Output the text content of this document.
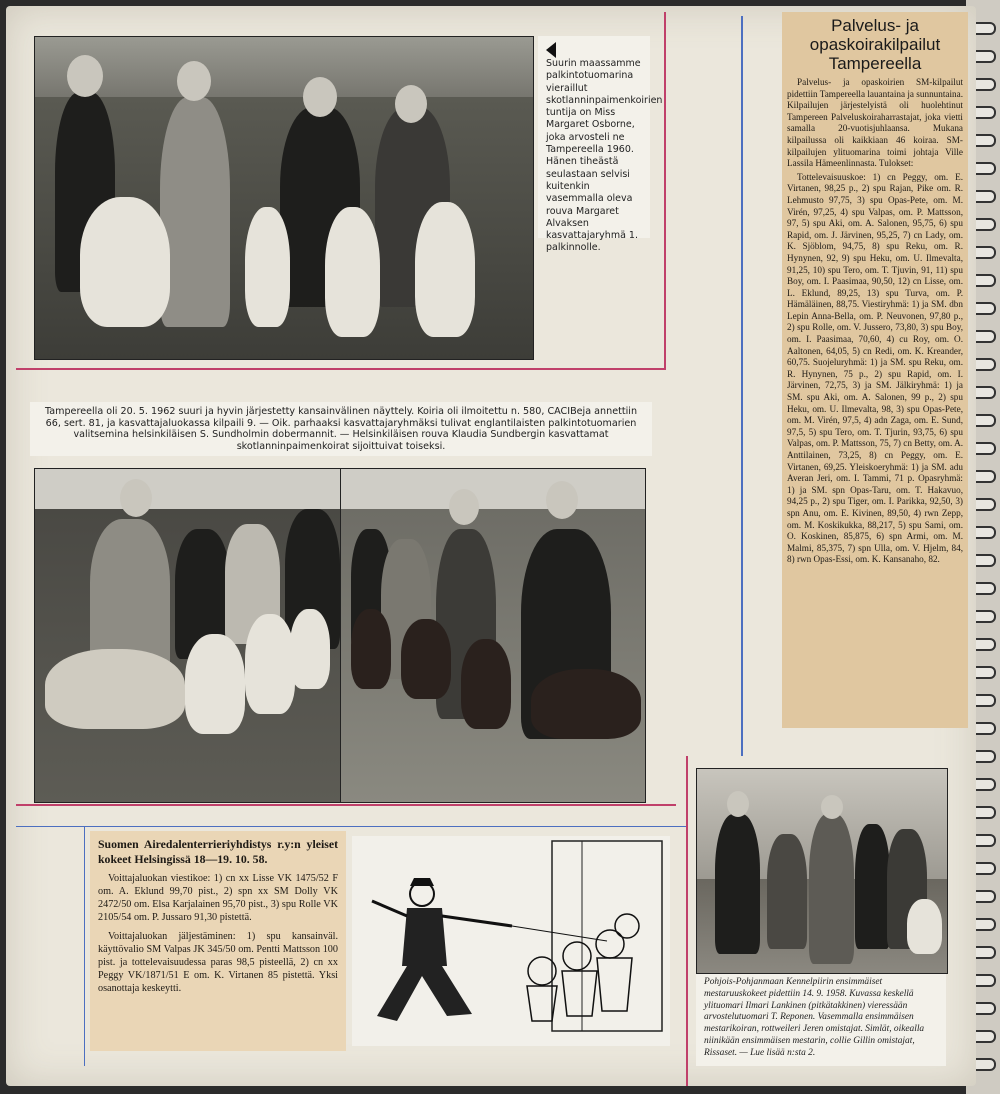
Suurin maassamme palkintotuomarina vieraillut skotlanninpaimenkoirien tuntija on Miss Margaret Osborne, joka arvosteli ne Tampereella 1960. Hänen tiheästä seulastaan selvisi kuitenkin vasemmalla oleva rouva Margaret Alvaksen kasvattajaryhmä 1. palkinnolle.
Tampereella oli 20. 5. 1962 suuri ja hyvin järjestetty kansainvälinen näyttely. Koiria oli ilmoitettu n. 580, CACIBeja annettiin 66, sert. 81, ja kasvattajaluokassa kilpaili 9. — Oik. parhaaksi kasvattajaryhmäksi tulivat englantilaisten palkintotuomarien valitsemina helsinkiläisen S. Sundholmin dobermannit. — Helsinkiläisen rouva Klaudia Sundbergin kasvattamat skotlanninpaimenkoirat sijoittuivat toiseksi.
Palvelus- ja opaskoirakilpailut Tampereella
Palvelus- ja opaskoirien SM-kilpailut pidettiin Tampereella lauantaina ja sunnuntaina. Kilpailujen järjestelyistä oli huolehtinut Tampereen Palveluskoiraharrastajat, joka vietti samalla 20-vuotisjuhlaansa. Mukana kilpailussa oli kaikkiaan 46 koiraa. SM-kilpailujen ylituomarina toimi johtaja Ville Lassila Hämeenlinnasta. Tulokset:
Tottelevaisuuskoe: 1) cn Peggy, om. E. Virtanen, 98,25 p., 2) spu Rajan, Pike om. R. Lehmusto 97,75, 3) spu Opas-Pete, om. M. Virén, 97,25, 4) spu Valpas, om. P. Mattsson, 97, 5) spu Aki, om. A. Salonen, 95,75, 6) spu Rapid, om. J. Järvinen, 95,25, 7) cn Lady, om. K. Sjöblom, 94,75, 8) spu Reku, om. R. Hynynen, 92, 9) spu Heku, om. U. Ilmevalta, 91,25, 10) spu Tero, om. T. Tjuvin, 91, 11) spu Boy, om. I. Paasimaa, 90,50, 12) cn Lisse, om. L. Eklund, 89,25, 13) spu Turva, om. P. Hämäläinen, 88,75. Viestiryhmä: 1) ja SM. dbn Lepin Anna-Bella, om. P. Neuvonen, 97,80 p., 2) spu Rolle, om. V. Jussero, 73,80, 3) spu Boy, om. I. Paasimaa, 70,60, 4) cu Roy, om. O. Aaltonen, 64,05, 5) cn Redi, om. K. Kreander, 60,75. Suojeluryhmä: 1) ja SM. spu Reku, om. R. Hynynen, 75 p., 2) spu Rapid, om. I. Järvinen, 72,75, 3) ja SM. Jälkiryhmä: 1) ja SM. spu Aki, om. A. Salonen, 99 p., 2) spu Heku, om. U. Ilmevalta, 98, 3) spu Opas-Pete, om. M. Virén, 97,5, 4) adn Zaga, om. E. Sund, 97,5, 5) spu Tero, om. T. Tjurin, 93,75, 6) spu Valpas, om. P. Mattsson, 75, 7) cn Betty, om. A. Anttilainen, 73,25, 8) cn Peggy, om. E. Virtanen, 69,25. Yleiskoeryhmä: 1) ja SM. adu Averan Jeri, om. I. Tammi, 71 p. Opasryhmä: 1) ja SM. spn Opas-Taru, om. T. Hakavuo, 94,25 p., 2) spu Tiger, om. I. Parikka, 92,50, 3) spn Anu, om. E. Kivinen, 89,50, 4) rwn Zepp, om. M. Koskikukka, 88,217, 5) spu Sami, om. O. Koskinen, 85,875, 6) spn Armi, om. M. Malmi, 85,375, 7) spn Ulla, om. V. Hjelm, 84, 8) rwn Opas-Essi, om. K. Kansanaho, 82.
Suomen Airedalenterrieriyhdistys r.y:n yleiset kokeet Helsingissä 18—19. 10. 58.
Voittajaluokan viestikoe: 1) cn xx Lisse VK 1475/52 F om. A. Eklund 99,70 pist., 2) spn xx SM Dolly VK 2472/50 om. Elsa Karjalainen 95,70 pist., 3) spu Rolle VK 2105/54 om. P. Jussaro 91,30 pistettä.
Voittajaluokan jäljestäminen: 1) spu kansainväl. käyttövalio SM Valpas JK 345/50 om. Pentti Mattsson 100 pist. ja tottelevaisuudessa paras 98,5 pisteellä, 2) cn xx Peggy VK/1871/51 E om. K. Virtanen 85 pistettä. Yksi osanottaja keskeytti.
Pohjois-Pohjanmaan Kennelpiirin ensimmäiset mestaruuskokeet pidettiin 14. 9. 1958. Kuvassa keskellä ylituomari Ilmari Lankinen (pitkätakkinen) vieressään arvostelutuomari T. Reponen. Vasemmalla ensimmäisen mestarikoiran, rottweileri Jeren omistajat. Simlät, oikealla niinikään ensimmäisen mestarin, collie Gillin omistajat, Rissaset. — Lue lisää n:sta 2.
